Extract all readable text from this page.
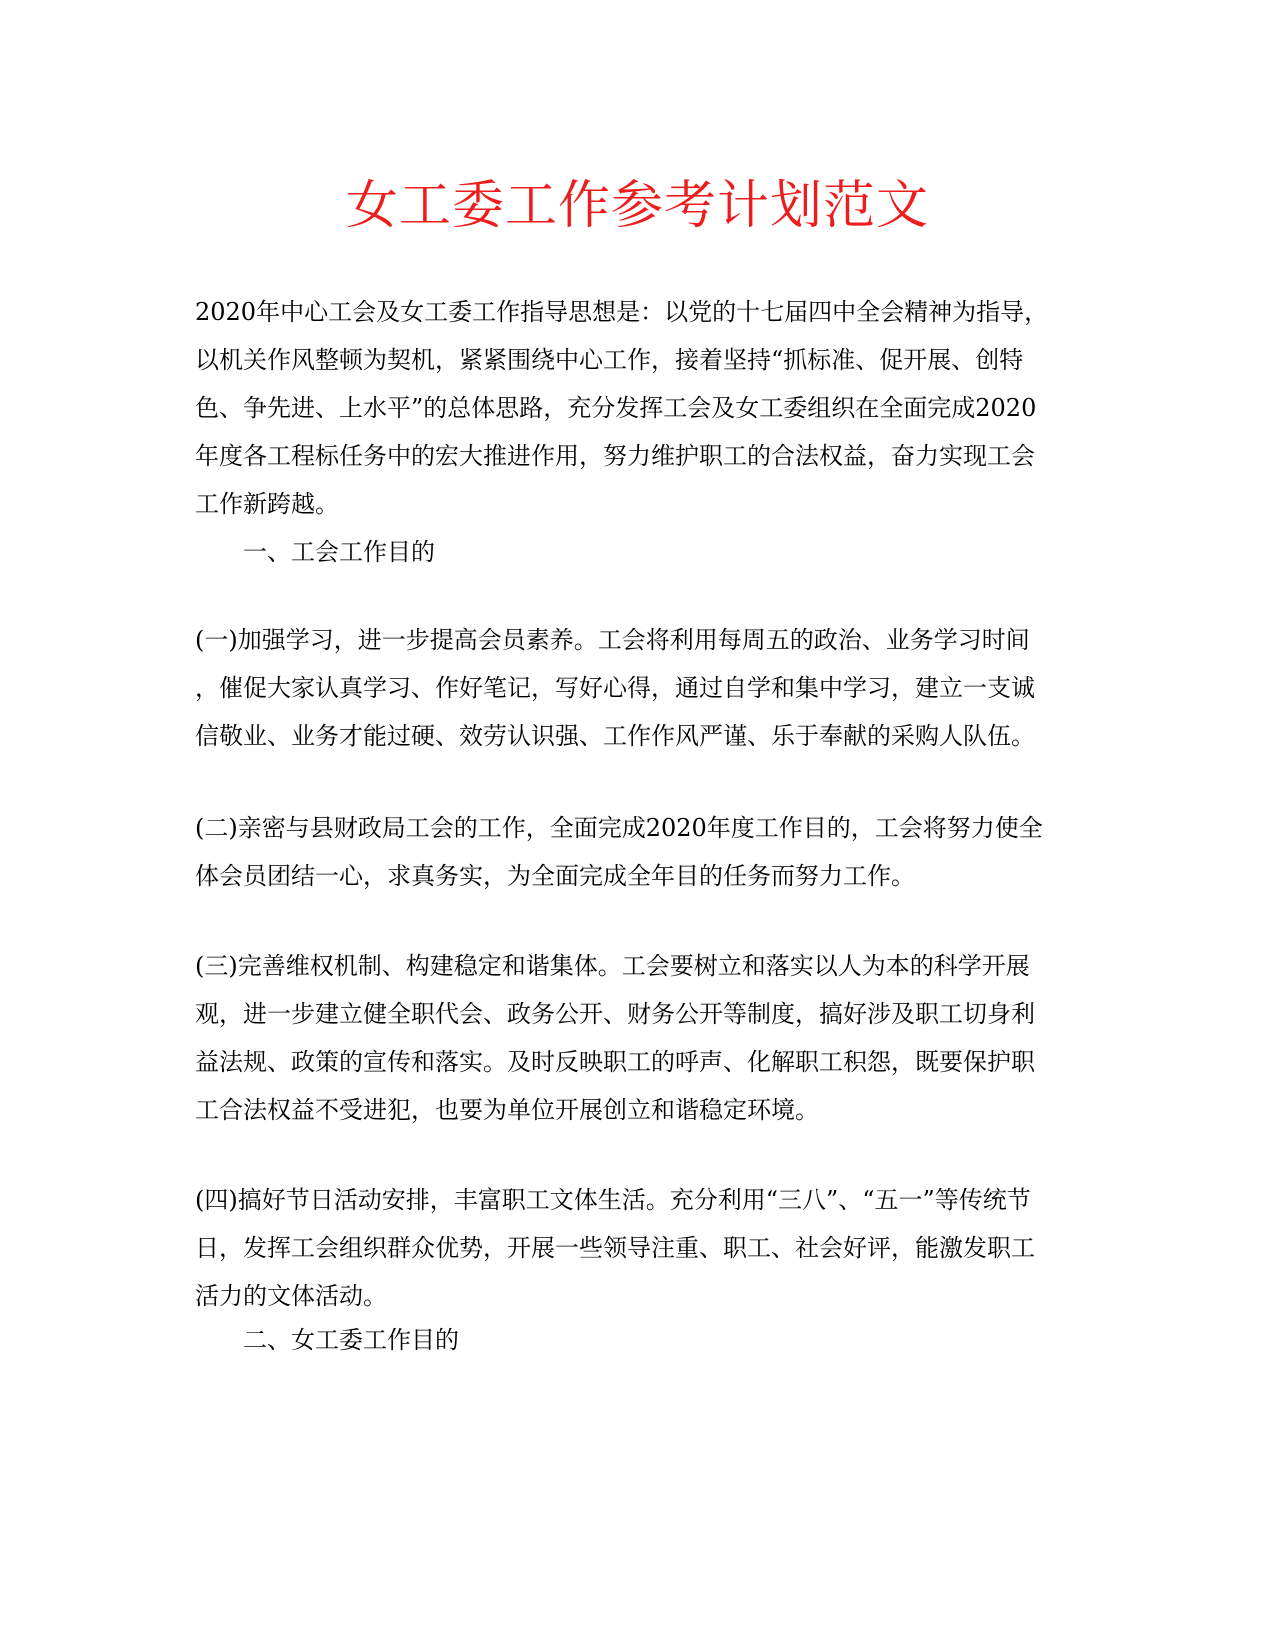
女工委工作参考计划范文
2020年中心工会及女工委工作指导思想是：以党的十七届四中全会精神为指导，
以机关作风整顿为契机，紧紧围绕中心工作，接着坚持“抓标准、促开展、创特
色、争先进、上水平”的总体思路，充分发挥工会及女工委组织在全面完成2020
年度各工程标任务中的宏大推进作用，努力维护职工的合法权益，奋力实现工会
工作新跨越。
一、工会工作目的
(一)加强学习，进一步提高会员素养。工会将利用每周五的政治、业务学习时间
，催促大家认真学习、作好笔记，写好心得，通过自学和集中学习，建立一支诚
信敬业、业务才能过硬、效劳认识强、工作作风严谨、乐于奉献的采购人队伍。
(二)亲密与县财政局工会的工作，全面完成2020年度工作目的，工会将努力使全
体会员团结一心，求真务实，为全面完成全年目的任务而努力工作。
(三)完善维权机制、构建稳定和谐集体。工会要树立和落实以人为本的科学开展
观，进一步建立健全职代会、政务公开、财务公开等制度，搞好涉及职工切身利
益法规、政策的宣传和落实。及时反映职工的呼声、化解职工积怨，既要保护职
工合法权益不受进犯，也要为单位开展创立和谐稳定环境。
(四)搞好节日活动安排，丰富职工文体生活。充分利用“三八”、“五一”等传统节
日，发挥工会组织群众优势，开展一些领导注重、职工、社会好评，能激发职工
活力的文体活动。
二、女工委工作目的
